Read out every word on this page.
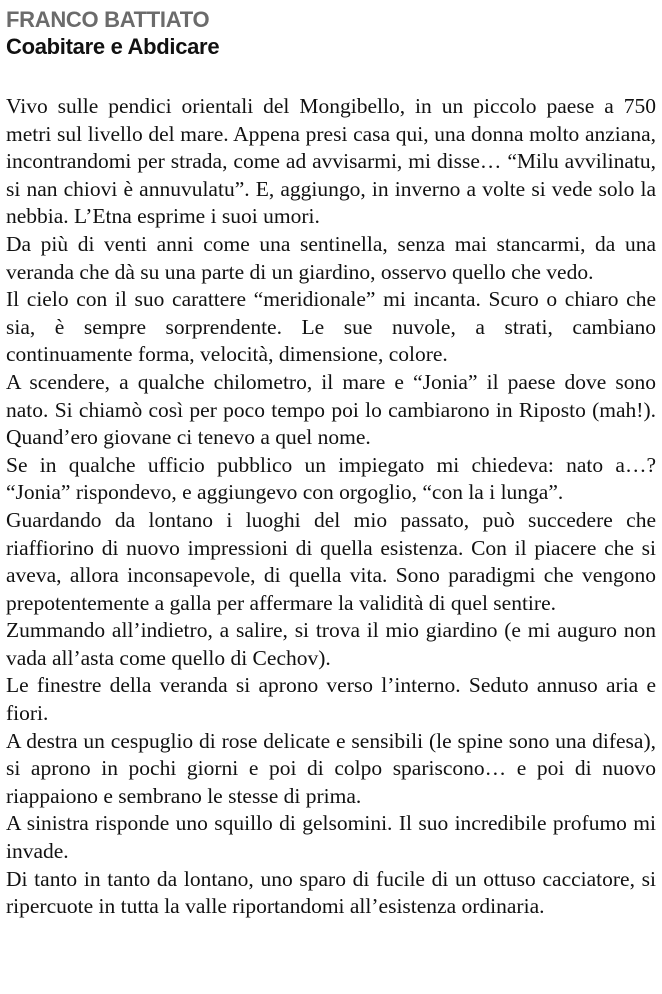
FRANCO BATTIATO
Coabitare e Abdicare

Vivo sulle pendici orientali del Mongibello, in un piccolo paese a 750 metri sul livello del mare. Appena presi casa qui, una donna molto anziana, incontrandomi per strada, come ad avvisarmi, mi disse… “Milu avvilinatu, si nan chiovi è annuvulatu”. E, aggiungo, in inverno a volte si vede solo la nebbia. L’Etna esprime i suoi umori.

Da più di venti anni come una sentinella, senza mai stancarmi, da una veranda che dà su una parte di un giardino, osservo quello che vedo.

Il cielo con il suo carattere “meridionale” mi incanta. Scuro o chiaro che sia, è sempre sorprendente. Le sue nuvole, a strati, cambiano continuamente forma, velocità, dimensione, colore.

A scendere, a qualche chilometro, il mare e “Jonia” il paese dove sono nato. Si chiamò così per poco tempo poi lo cambiarono in Riposto (mah!). Quand’ero giovane ci tenevo a quel nome.

Se in qualche ufficio pubblico un impiegato mi chiedeva: nato a…? “Jonia” rispondevo, e aggiungevo con orgoglio, “con la i lunga”.

Guardando da lontano i luoghi del mio passato, può succedere che riaffiorino di nuovo impressioni di quella esistenza. Con il piacere che si aveva, allora inconsapevole, di quella vita. Sono paradigmi che vengono prepotentemente a galla per affermare la validità di quel sentire.

Zummando all’indietro, a salire, si trova il mio giardino (e mi auguro non vada all’asta come quello di Cechov).

Le finestre della veranda si aprono verso l’interno. Seduto annuso aria e fiori.

A destra un cespuglio di rose delicate e sensibili (le spine sono una difesa), si aprono in pochi giorni e poi di colpo spariscono… e poi di nuovo riappaiono e sembrano le stesse di prima.

A sinistra risponde uno squillo di gelsomini. Il suo incredibile profumo mi invade.

Di tanto in tanto da lontano, uno sparo di fucile di un ottuso cacciatore, si ripercuote in tutta la valle riportandomi all’esistenza ordinaria.
